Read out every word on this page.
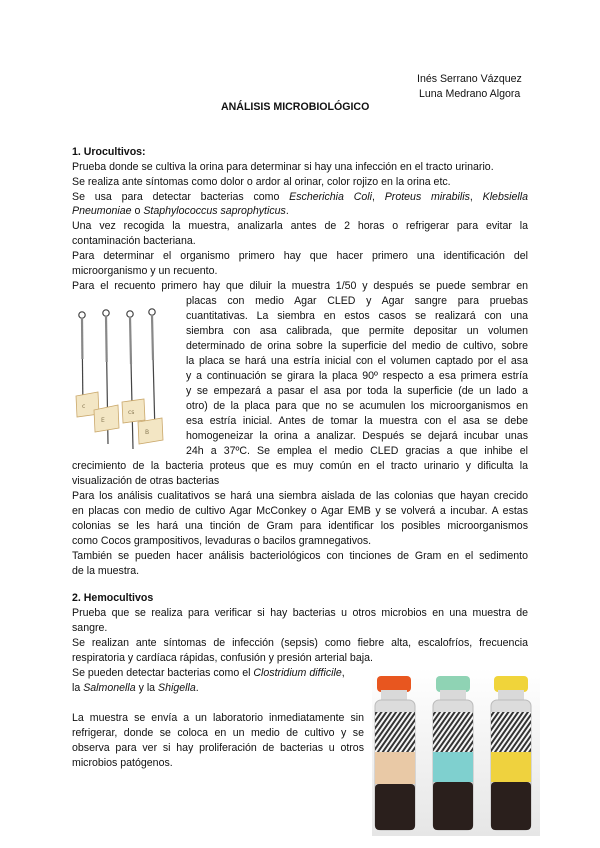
Inés Serrano Vázquez
Luna Medrano Algora
ANÁLISIS MICROBIOLÓGICO
1. Urocultivos:
Prueba donde se cultiva la orina para determinar si hay una infección en el tracto urinario.
Se realiza ante síntomas como dolor o ardor al orinar, color rojizo en la orina etc.
Se usa para detectar bacterias como Escherichia Coli, Proteus mirabilis, Klebsiella
Pneumoniae o Staphylococcus saprophyticus.
Una vez recogida la muestra, analizarla antes de 2 horas o refrigerar para evitar la
contaminación bacteriana.
Para determinar el organismo primero hay que hacer primero una identificación del
microorganismo y un recuento.
Para el recuento primero hay que diluir la muestra 1/50 y después se puede sembrar en
placas con medio Agar CLED y Agar sangre para pruebas
cuantitativas. La siembra en estos casos se realizará con una
siembra con asa calibrada, que permite depositar un volumen
determinado de orina sobre la superficie del medio de cultivo, sobre
la placa se hará una estría inicial con el volumen captado por el asa
y a continuación se girara la placa 90º respecto a esa primera estría
y se empezará a pasar el asa por toda la superficie (de un lado a
otro) de la placa para que no se acumulen los microorganismos en
esa estría inicial. Antes de tomar la muestra con el asa se debe
homogeneizar la orina a analizar. Después se dejará incubar unas
24h a 37ºC. Se emplea el medio CLED gracias a que inhibe el
c
E
cs
B
crecimiento de la bacteria proteus que es muy común en el tracto urinario y dificulta la
visualización de otras bacterias
Para los análisis cualitativos se hará una siembra aislada de las colonias que hayan crecido
en placas con medio de cultivo Agar McConkey o Agar EMB y se volverá a incubar. A estas
colonias se les hará una tinción de Gram para identificar los posibles microorganismos
como Cocos grampositivos, levaduras o bacilos gramnegativos.
También se pueden hacer análisis bacteriológicos con tinciones de Gram en el sedimento
de la muestra.
2. Hemocultivos
Prueba que se realiza para verificar si hay bacterias u otros microbios en una muestra de
sangre.
Se realizan ante síntomas de infección (sepsis) como fiebre alta, escalofríos, frecuencia
respiratoria y cardíaca rápidas, confusión y presión arterial baja.
Se pueden detectar bacterias como el Clostridium difficile,
la Salmonella y la Shigella.
La muestra se envía a un laboratorio inmediatamente sin
refrigerar, donde se coloca en un medio de cultivo y se
observa para ver si hay proliferación de bacterias u otros
microbios patógenos.
